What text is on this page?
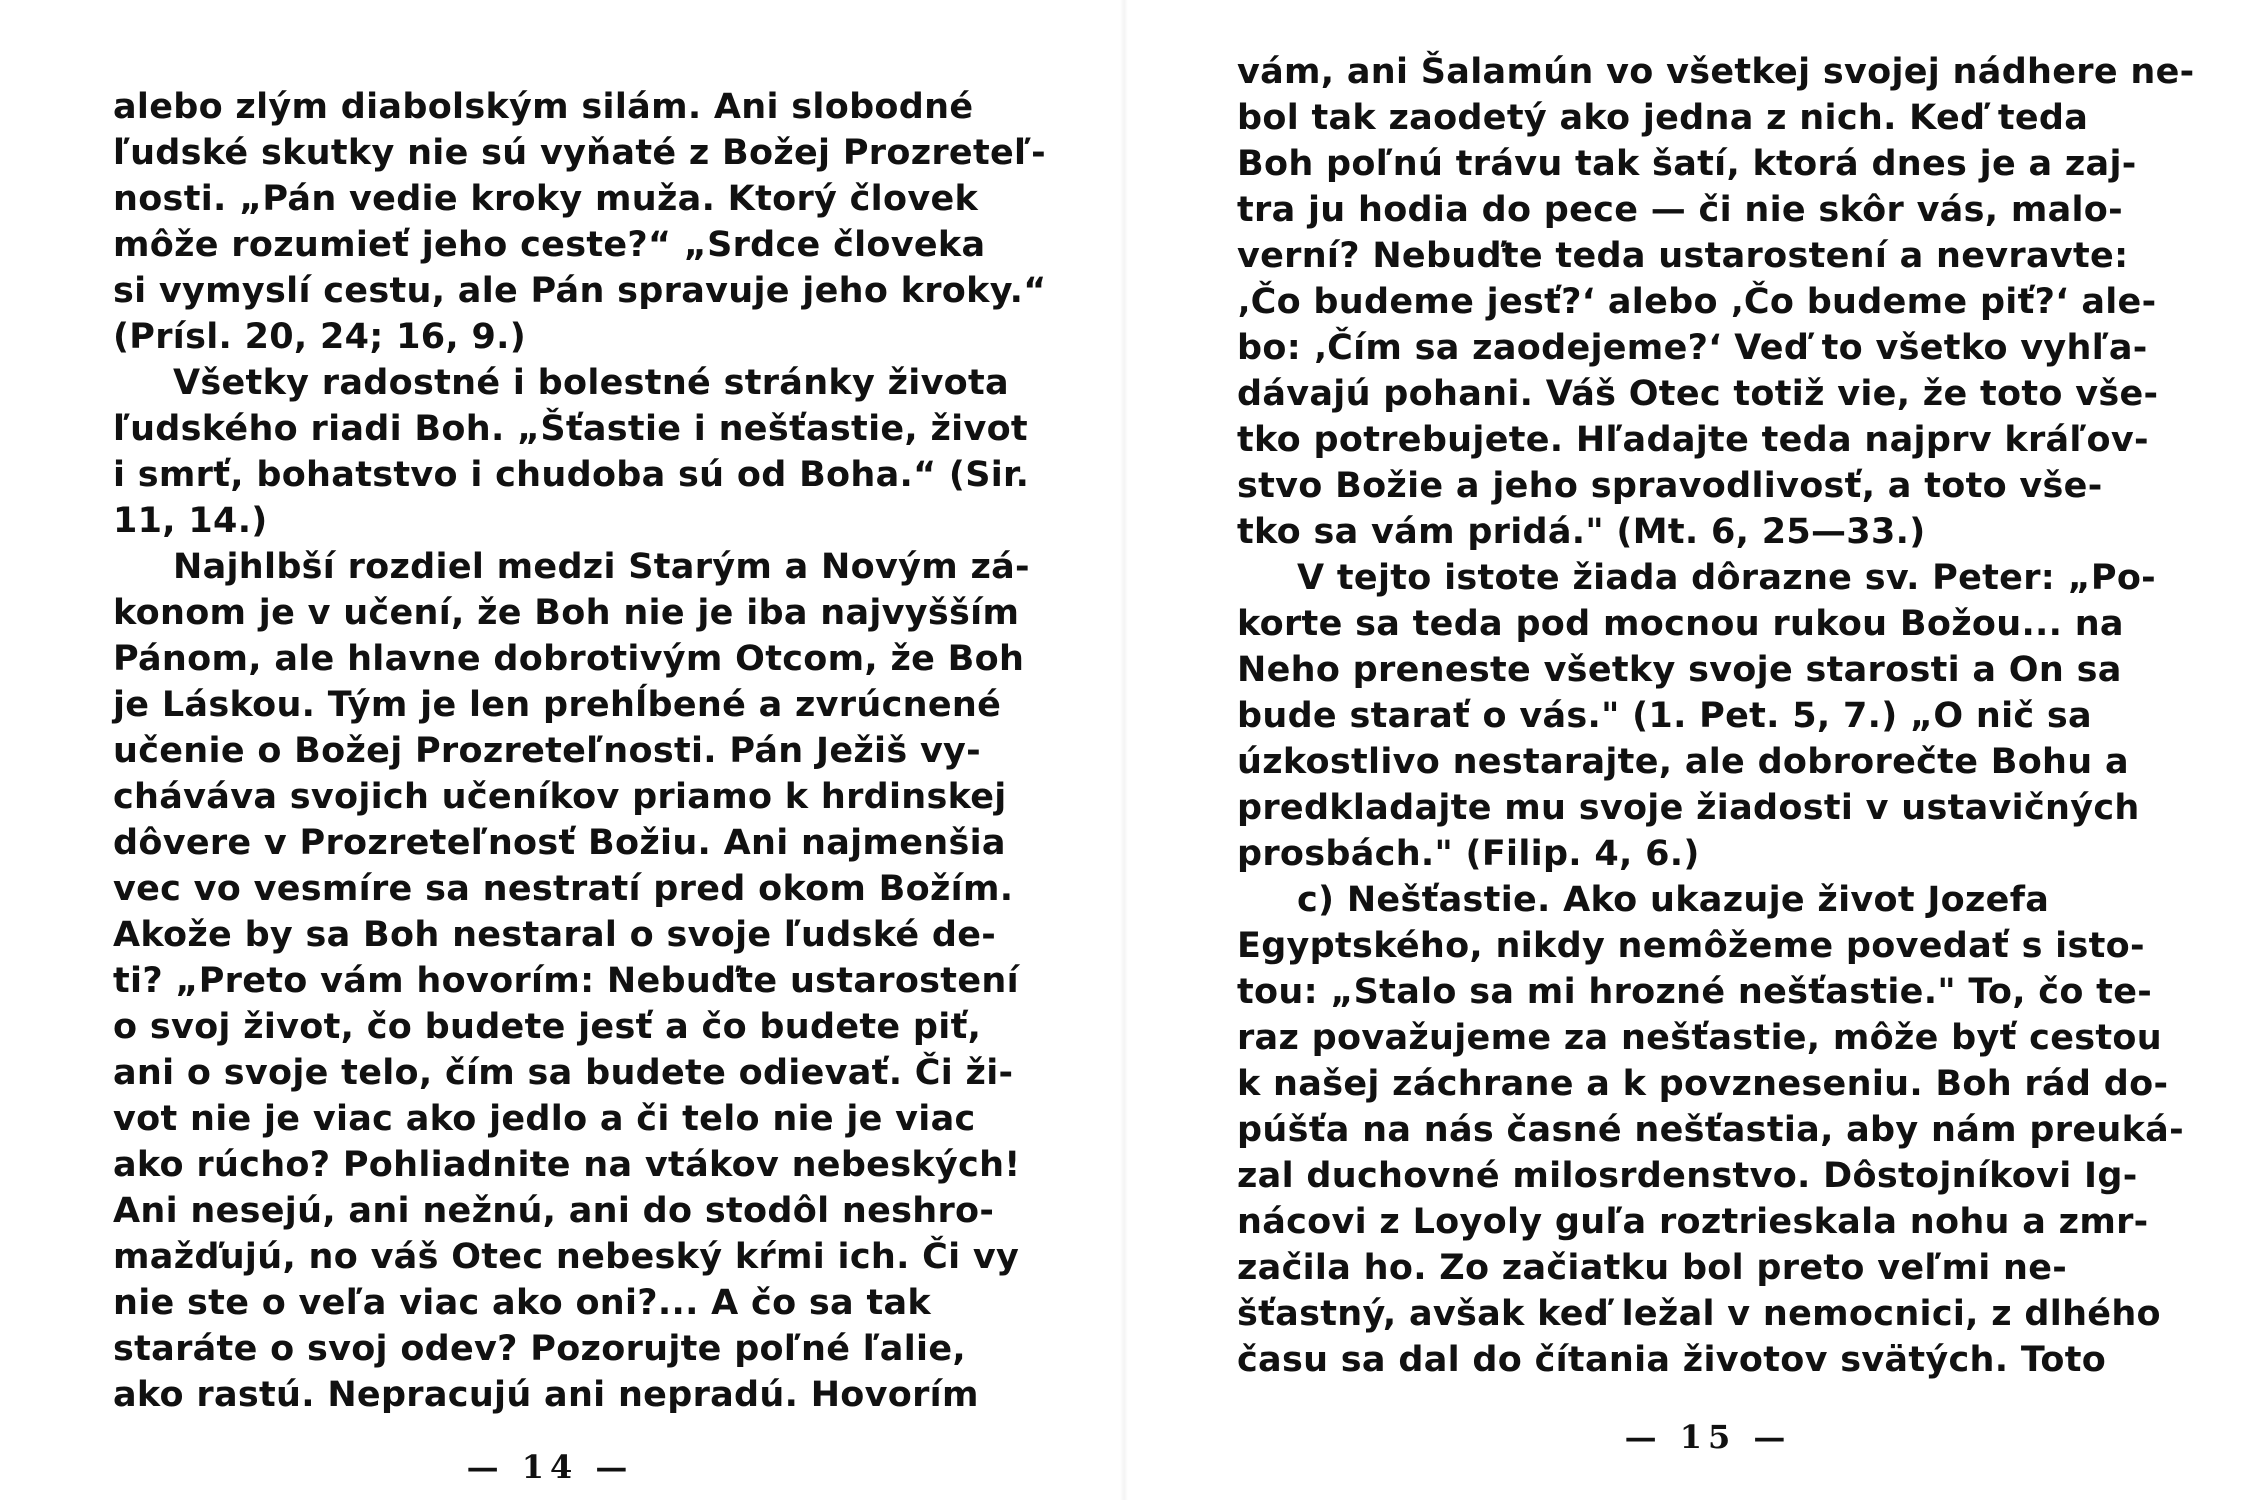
alebo zlým diabolským silám. Ani slobodné
ľudské skutky nie sú vyňaté z Božej Prozreteľ-
nosti. „Pán vedie kroky muža. Ktorý človek
môže rozumieť jeho ceste?“ „Srdce človeka
si vymyslí cestu, ale Pán spravuje jeho kroky.“
(Prísl. 20, 24; 16, 9.)
Všetky radostné i bolestné stránky života
ľudského riadi Boh. „Šťastie i nešťastie, život
i smrť, bohatstvo i chudoba sú od Boha.“ (Sir.
11, 14.)
Najhlbší rozdiel medzi Starým a Novým zá-
konom je v učení, že Boh nie je iba najvyšším
Pánom, ale hlavne dobrotivým Otcom, že Boh
je Láskou. Tým je len prehĺbené a zvrúcnené
učenie o Božej Prozreteľnosti. Pán Ježiš vy-
cháváva svojich učeníkov priamo k hrdinskej
dôvere v Prozreteľnosť Božiu. Ani najmenšia
vec vo vesmíre sa nestratí pred okom Božím.
Akože by sa Boh nestaral o svoje ľudské de-
ti? „Preto vám hovorím: Nebuďte ustarostení
o svoj život, čo budete jesť a čo budete piť,
ani o svoje telo, čím sa budete odievať. Či ži-
vot nie je viac ako jedlo a či telo nie je viac
ako rúcho? Pohliadnite na vtákov nebeských!
Ani nesejú, ani nežnú, ani do stodôl neshro-
mažďujú, no váš Otec nebeský kŕmi ich. Či vy
nie ste o veľa viac ako oni?... A čo sa tak
staráte o svoj odev? Pozorujte poľné ľalie,
ako rastú. Nepracujú ani nepradú. Hovorím
— 14 —
vám, ani Šalamún vo všetkej svojej nádhere ne-
bol tak zaodetý ako jedna z nich. Keď teda
Boh poľnú trávu tak šatí, ktorá dnes je a zaj-
tra ju hodia do pece — či nie skôr vás, malo-
verní? Nebuďte teda ustarostení a nevravte:
‚Čo budeme jesť?‘ alebo ‚Čo budeme piť?‘ ale-
bo: ‚Čím sa zaodejeme?‘ Veď to všetko vyhľa-
dávajú pohani. Váš Otec totiž vie, že toto vše-
tko potrebujete. Hľadajte teda najprv kráľov-
stvo Božie a jeho spravodlivosť, a toto vše-
tko sa vám pridá." (Mt. 6, 25—33.)
V tejto istote žiada dôrazne sv. Peter: „Po-
korte sa teda pod mocnou rukou Božou... na
Neho preneste všetky svoje starosti a On sa
bude starať o vás." (1. Pet. 5, 7.) „O nič sa
úzkostlivo nestarajte, ale dobrorečte Bohu a
predkladajte mu svoje žiadosti v ustavičných
prosbách." (Filip. 4, 6.)
c) Nešťastie. Ako ukazuje život Jozefa
Egyptského, nikdy nemôžeme povedať s isto-
tou: „Stalo sa mi hrozné nešťastie." To, čo te-
raz považujeme za nešťastie, môže byť cestou
k našej záchrane a k povzneseniu. Boh rád do-
púšťa na nás časné nešťastia, aby nám preuká-
zal duchovné milosrdenstvo. Dôstojníkovi Ig-
nácovi z Loyoly guľa roztrieskala nohu a zmr-
začila ho. Zo začiatku bol preto veľmi ne-
šťastný, avšak keď ležal v nemocnici, z dlhého
času sa dal do čítania životov svätých. Toto
— 15 —
